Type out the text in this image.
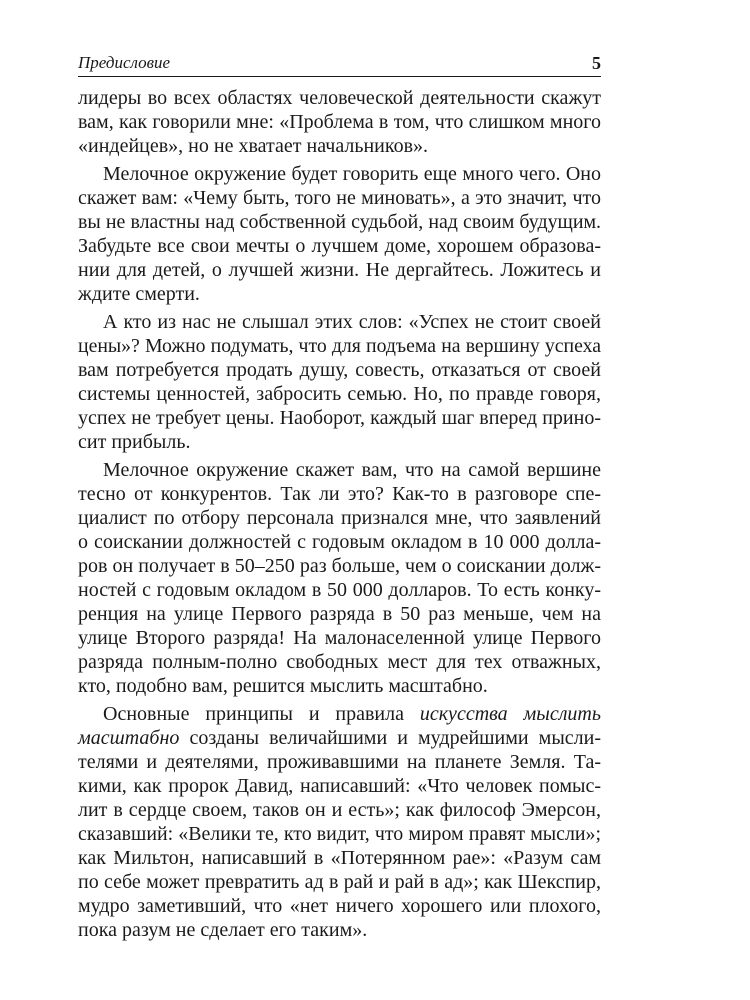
Предисловие	5
лидеры во всех областях человеческой деятельности скажут
вам, как говорили мне: «Проблема в том, что слишком много
«индейцев», но не хватает начальников».
Мелочное окружение будет говорить еще много чего. Оно
скажет вам: «Чему быть, того не миновать», а это значит, что
вы не властны над собственной судьбой, над своим будущим.
Забудьте все свои мечты о лучшем доме, хорошем образова-
нии для детей, о лучшей жизни. Не дергайтесь. Ложитесь и
ждите смерти.
А кто из нас не слышал этих слов: «Успех не стоит своей
цены»? Можно подумать, что для подъема на вершину успеха
вам потребуется продать душу, совесть, отказаться от своей
системы ценностей, забросить семью. Но, по правде говоря,
успех не требует цены. Наоборот, каждый шаг вперед прино-
сит прибыль.
Мелочное окружение скажет вам, что на самой вершине
тесно от конкурентов. Так ли это? Как-то в разговоре спе-
циалист по отбору персонала признался мне, что заявлений
о соискании должностей с годовым окладом в 10 000 долла-
ров он получает в 50–250 раз больше, чем о соискании долж-
ностей с годовым окладом в 50 000 долларов. То есть конку-
ренция на улице Первого разряда в 50 раз меньше, чем на
улице Второго разряда! На малонаселенной улице Первого
разряда полным-полно свободных мест для тех отважных,
кто, подобно вам, решится мыслить масштабно.
Основные принципы и правила искусства мыслить
масштабно созданы величайшими и мудрейшими мысли-
телями и деятелями, проживавшими на планете Земля. Та-
кими, как пророк Давид, написавший: «Что человек помыс-
лит в сердце своем, таков он и есть»; как философ Эмерсон,
сказавший: «Велики те, кто видит, что миром правят мысли»;
как Мильтон, написавший в «Потерянном рае»: «Разум сам
по себе может превратить ад в рай и рай в ад»; как Шекспир,
мудро заметивший, что «нет ничего хорошего или плохого,
пока разум не сделает его таким».
